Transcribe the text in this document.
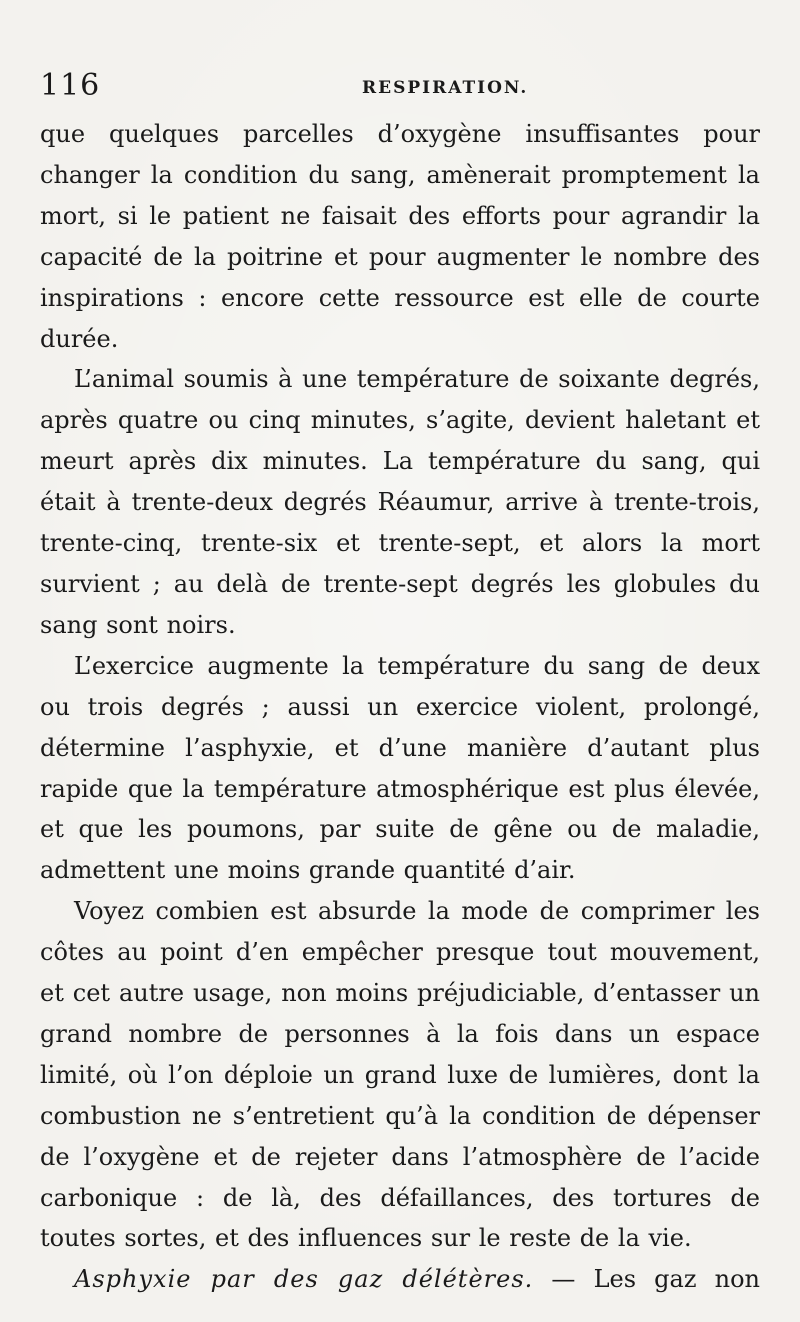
116	RESPIRATION.

que quelques parcelles d’oxygène insuffisantes pour changer la condition du sang, amènerait promptement la mort, si le patient ne faisait des efforts pour agrandir la capacité de la poitrine et pour augmenter le nombre des inspirations : encore cette ressource est elle de courte durée.

L’animal soumis à une température de soixante degrés, après quatre ou cinq minutes, s’agite, devient haletant et meurt après dix minutes. La température du sang, qui était à trente-deux degrés Réaumur, arrive à trente-trois, trente-cinq, trente-six et trente-sept, et alors la mort survient ; au delà de trente-sept degrés les globules du sang sont noirs.

L’exercice augmente la température du sang de deux ou trois degrés ; aussi un exercice violent, prolongé, détermine l’asphyxie, et d’une manière d’autant plus rapide que la température atmosphérique est plus élevée, et que les poumons, par suite de gêne ou de maladie, admettent une moins grande quantité d’air.

Voyez combien est absurde la mode de comprimer les côtes au point d’en empêcher presque tout mouvement, et cet autre usage, non moins préjudiciable, d’entasser un grand nombre de personnes à la fois dans un espace limité, où l’on déploie un grand luxe de lumières, dont la combustion ne s’entretient qu’à la condition de dépenser de l’oxygène et de rejeter dans l’atmosphère de l’acide carbonique : de là, des défaillances, des tortures de toutes sortes, et des influences sur le reste de la vie.

Asphyxie par des gaz délétères. — Les gaz non
